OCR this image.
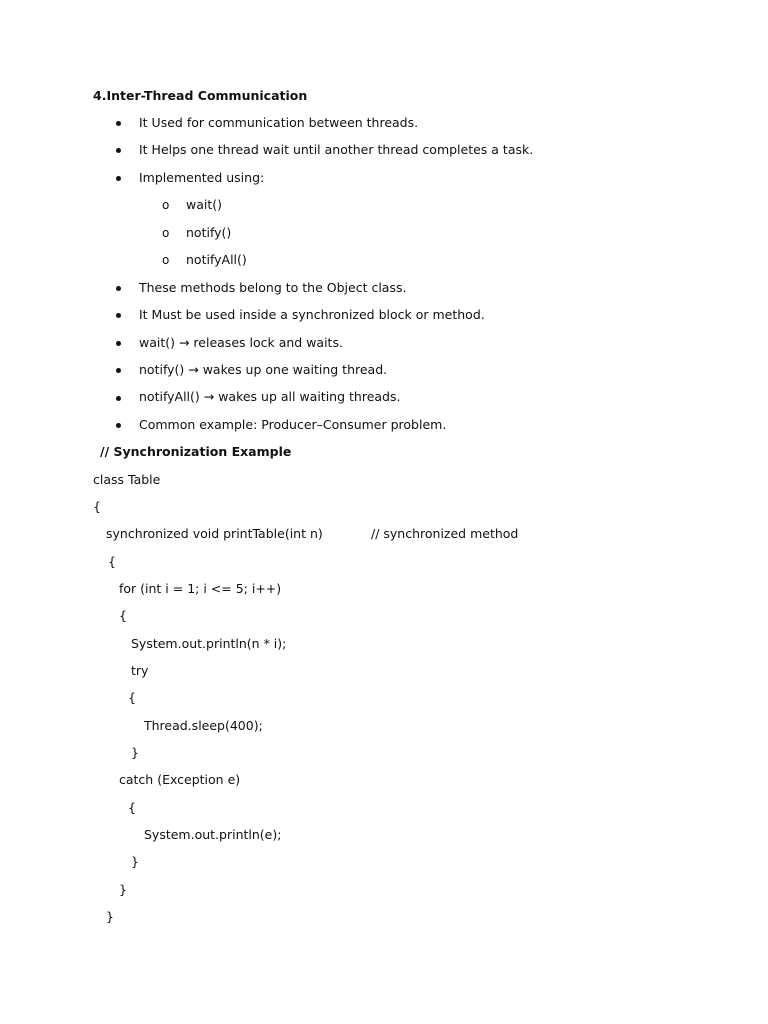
4.Inter-Thread Communication
It Used for communication between threads.
It Helps one thread wait until another thread completes a task.
Implemented using:
o wait()
o notify()
o notifyAll()
These methods belong to the Object class.
It Must be used inside a synchronized block or method.
wait() → releases lock and waits.
notify() → wakes up one waiting thread.
notifyAll() → wakes up all waiting threads.
Common example: Producer–Consumer problem.
// Synchronization Example
class Table
{
synchronized void printTable(int n)	// synchronized method
{
for (int i = 1; i <= 5; i++)
{
System.out.println(n * i);
try
{
Thread.sleep(400);
}
catch (Exception e)
{
System.out.println(e);
}
}
}
